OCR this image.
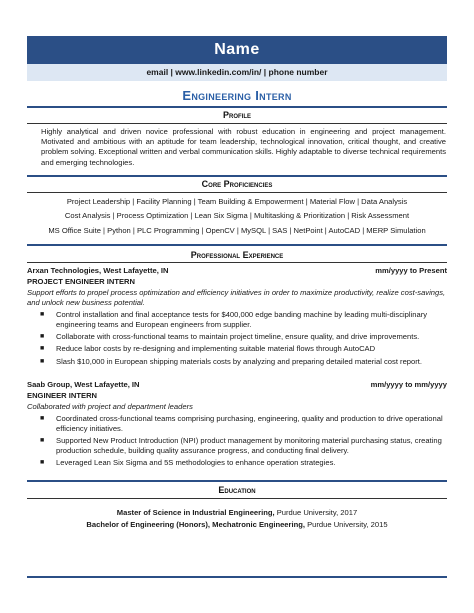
Name
email | www.linkedin.com/in/ | phone number
Engineering Intern
Profile
Highly analytical and driven novice professional with robust education in engineering and project management. Motivated and ambitious with an aptitude for team leadership, technological innovation, critical thought, and creative problem solving. Exceptional written and verbal communication skills. Highly adaptable to diverse technical requirements and emerging technologies.
Core Proficiencies
Project Leadership | Facility Planning | Team Building & Empowerment | Material Flow | Data Analysis
Cost Analysis | Process Optimization | Lean Six Sigma | Multitasking & Prioritization | Risk Assessment
MS Office Suite | Python | PLC Programming | OpenCV | MySQL | SAS | NetPoint | AutoCAD | MERP Simulation
Professional Experience
Arxan Technologies, West Lafayette, IN	mm/yyyy to Present
PROJECT ENGINEER INTERN
Support efforts to propel process optimization and efficiency initiatives in order to maximize productivity, realize cost-savings, and unlock new business potential.
■ Control installation and final acceptance tests for $400,000 edge banding machine by leading multi-disciplinary engineering teams and European engineers from supplier.
■ Collaborate with cross-functional teams to maintain project timeline, ensure quality, and drive improvements.
■ Reduce labor costs by re-designing and implementing suitable material flows through AutoCAD
■ Slash $10,000 in European shipping materials costs by analyzing and preparing detailed material cost report.
Saab Group, West Lafayette, IN	mm/yyyy to mm/yyyy
ENGINEER INTERN
Collaborated with project and department leaders
■ Coordinated cross-functional teams comprising purchasing, engineering, quality and production to drive operational efficiency initiatives.
■ Supported New Product Introduction (NPI) product management by monitoring material purchasing status, creating production schedule, building quality assurance progress, and conducting final delivery.
■ Leveraged Lean Six Sigma and 5S methodologies to enhance operation strategies.
Education
Master of Science in Industrial Engineering, Purdue University, 2017
Bachelor of Engineering (Honors), Mechatronic Engineering, Purdue University, 2015
